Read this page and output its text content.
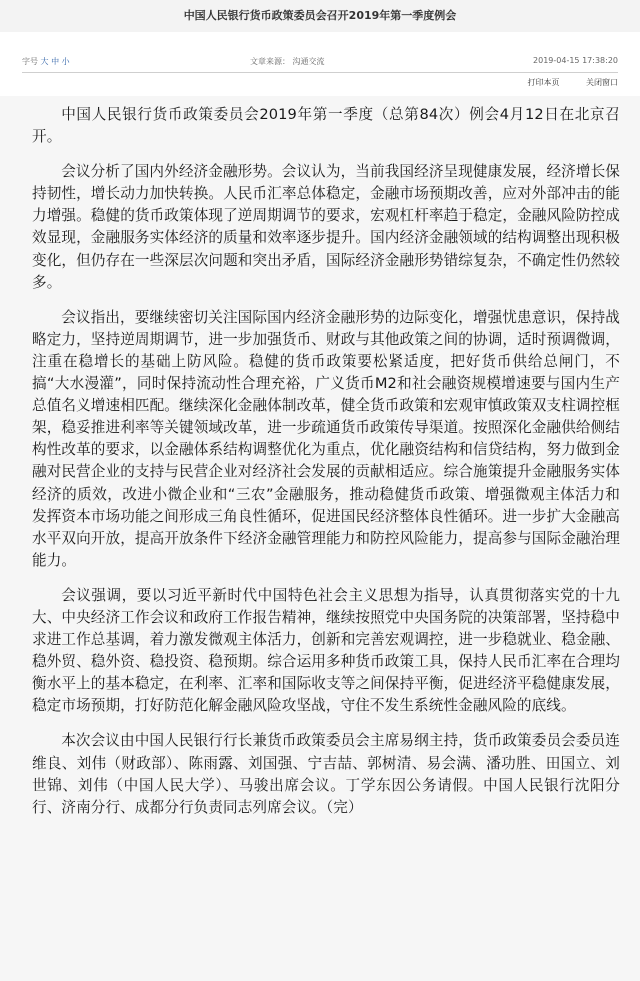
中国人民银行货币政策委员会召开2019年第一季度例会
字号 大 中 小	文章来源： 沟通交流	2019-04-15 17:38:20
打印本页	关闭窗口

中国人民银行货币政策委员会2019年第一季度（总第84次）例会4月12日在北京召开。

会议分析了国内外经济金融形势。会议认为，当前我国经济呈现健康发展，经济增长保持韧性，增长动力加快转换。人民币汇率总体稳定，金融市场预期改善，应对外部冲击的能力增强。稳健的货币政策体现了逆周期调节的要求，宏观杠杆率趋于稳定，金融风险防控成效显现，金融服务实体经济的质量和效率逐步提升。国内经济金融领域的结构调整出现积极变化，但仍存在一些深层次问题和突出矛盾，国际经济金融形势错综复杂，不确定性仍然较多。

会议指出，要继续密切关注国际国内经济金融形势的边际变化，增强忧患意识，保持战略定力，坚持逆周期调节，进一步加强货币、财政与其他政策之间的协调，适时预调微调，注重在稳增长的基础上防风险。稳健的货币政策要松紧适度，把好货币供给总闸门，不搞“大水漫灌”，同时保持流动性合理充裕，广义货币M2和社会融资规模增速要与国内生产总值名义增速相匹配。继续深化金融体制改革，健全货币政策和宏观审慎政策双支柱调控框架，稳妥推进利率等关键领域改革，进一步疏通货币政策传导渠道。按照深化金融供给侧结构性改革的要求，以金融体系结构调整优化为重点，优化融资结构和信贷结构，努力做到金融对民营企业的支持与民营企业对经济社会发展的贡献相适应。综合施策提升金融服务实体经济的质效，改进小微企业和“三农”金融服务，推动稳健货币政策、增强微观主体活力和发挥资本市场功能之间形成三角良性循环，促进国民经济整体良性循环。进一步扩大金融高水平双向开放，提高开放条件下经济金融管理能力和防控风险能力，提高参与国际金融治理能力。

会议强调，要以习近平新时代中国特色社会主义思想为指导，认真贯彻落实党的十九大、中央经济工作会议和政府工作报告精神，继续按照党中央国务院的决策部署，坚持稳中求进工作总基调，着力激发微观主体活力，创新和完善宏观调控，进一步稳就业、稳金融、稳外贸、稳外资、稳投资、稳预期。综合运用多种货币政策工具，保持人民币汇率在合理均衡水平上的基本稳定，在利率、汇率和国际收支等之间保持平衡，促进经济平稳健康发展，稳定市场预期，打好防范化解金融风险攻坚战，守住不发生系统性金融风险的底线。

本次会议由中国人民银行行长兼货币政策委员会主席易纲主持，货币政策委员会委员连维良、刘伟（财政部）、陈雨露、刘国强、宁吉喆、郭树清、易会满、潘功胜、田国立、刘世锦、刘伟（中国人民大学）、马骏出席会议。丁学东因公务请假。中国人民银行沈阳分行、济南分行、成都分行负责同志列席会议。（完）
